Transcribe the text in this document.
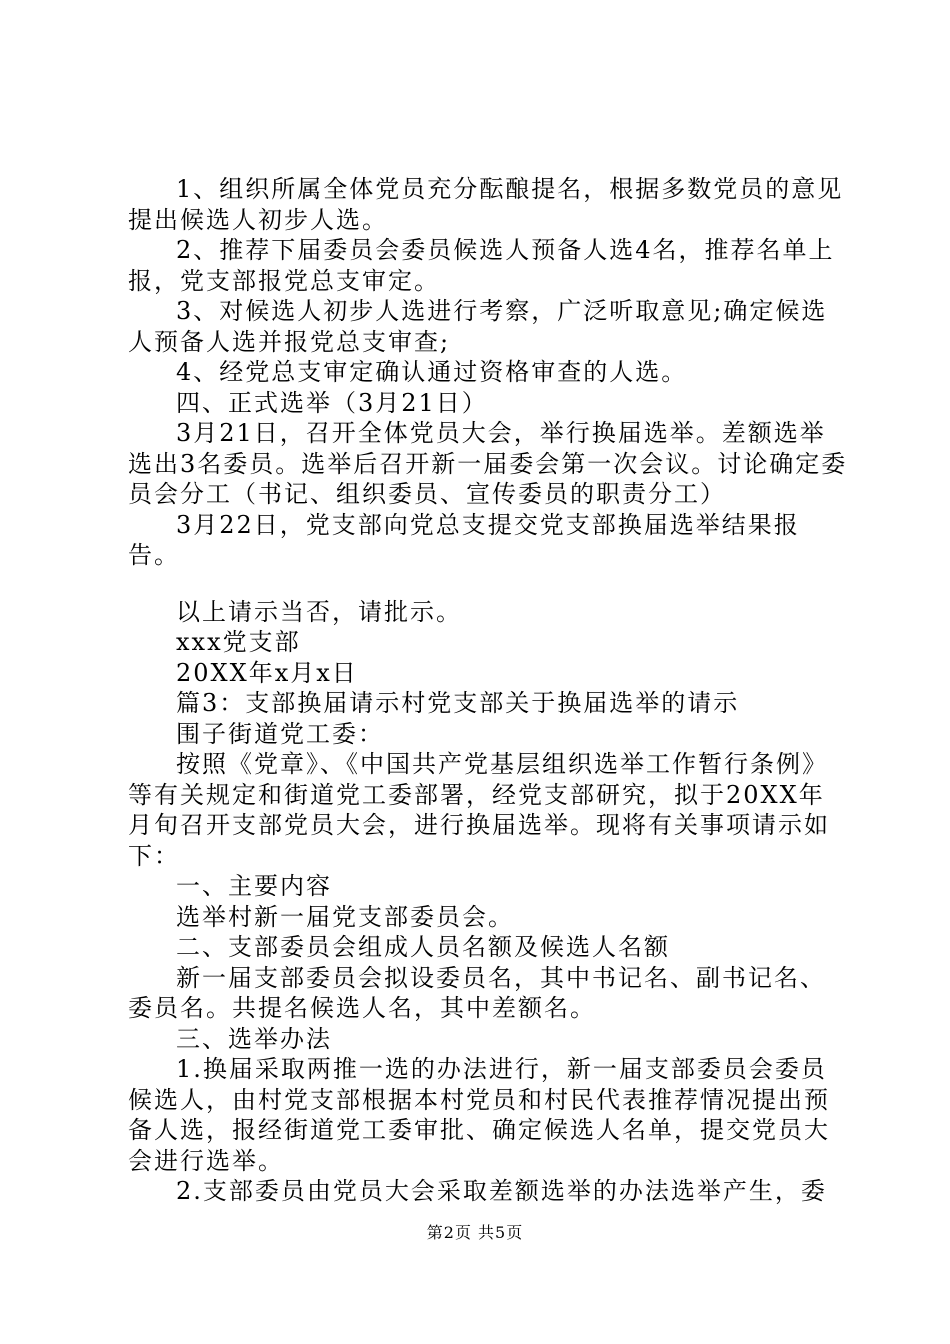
1、组织所属全体党员充分酝酿提名，根据多数党员的意见提出候选人初步人选。

2、推荐下届委员会委员候选人预备人选4名，推荐名单上报，党支部报党总支审定。

3、对候选人初步人选进行考察，广泛听取意见;确定候选人预备人选并报党总支审查;

4、经党总支审定确认通过资格审查的人选。

四、正式选举（3月21日）

3月21日，召开全体党员大会，举行换届选举。差额选举选出3名委员。选举后召开新一届委会第一次会议。讨论确定委员会分工（书记、组织委员、宣传委员的职责分工）

3月22日，党支部向党总支提交党支部换届选举结果报告。

以上请示当否，请批示。

xxx党支部

20XX年x月x日

篇3：支部换届请示村党支部关于换届选举的请示

围子街道党工委：

按照《党章》、《中国共产党基层组织选举工作暂行条例》等有关规定和街道党工委部署，经党支部研究，拟于20XX年月旬召开支部党员大会，进行换届选举。现将有关事项请示如下：

一、主要内容

选举村新一届党支部委员会。

二、支部委员会组成人员名额及候选人名额

新一届支部委员会拟设委员名，其中书记名、副书记名、委员名。共提名候选人名，其中差额名。

三、选举办法

1.换届采取两推一选的办法进行，新一届支部委员会委员候选人，由村党支部根据本村党员和村民代表推荐情况提出预备人选，报经街道党工委审批、确定候选人名单，提交党员大会进行选举。

2.支部委员由党员大会采取差额选举的办法选举产生，委

第2页 共5页
